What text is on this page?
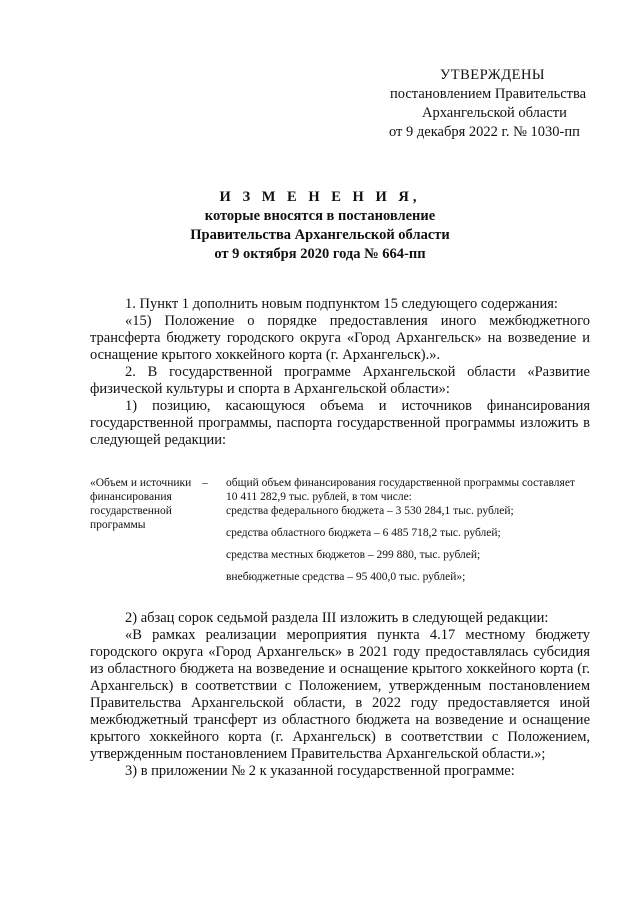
УТВЕРЖДЕНЫ
постановлением Правительства
Архангельской области
от 9 декабря 2022 г. № 1030-пп
И З М Е Н Е Н И Я,
которые вносятся в постановление
Правительства Архангельской области
от 9 октября 2020 года № 664-пп
1. Пункт 1 дополнить новым подпунктом 15 следующего содержания:
«15) Положение о порядке предоставления иного межбюджетного трансферта бюджету городского округа «Город Архангельск» на возведение и оснащение крытого хоккейного корта (г. Архангельск).».
2. В государственной программе Архангельской области «Развитие физической культуры и спорта в Архангельской области»:
1) позицию, касающуюся объема и источников финансирования государственной программы, паспорта государственной программы изложить в следующей редакции:
«Объем и источники финансирования государственной программы
– общий объем финансирования государственной программы составляет 10 411 282,9 тыс. рублей, в том числе:
средства федерального бюджета – 3 530 284,1 тыс. рублей;
средства областного бюджета – 6 485 718,2 тыс. рублей;
средства местных бюджетов – 299 880, тыс. рублей;
внебюджетные средства – 95 400,0 тыс. рублей»;
2) абзац сорок седьмой раздела III изложить в следующей редакции:
«В рамках реализации мероприятия пункта 4.17 местному бюджету городского округа «Город Архангельск» в 2021 году предоставлялась субсидия из областного бюджета на возведение и оснащение крытого хоккейного корта (г. Архангельск) в соответствии с Положением, утвержденным постановлением Правительства Архангельской области, в 2022 году предоставляется иной межбюджетный трансферт из областного бюджета на возведение и оснащение крытого хоккейного корта (г. Архангельск) в соответствии с Положением, утвержденным постановлением Правительства Архангельской области.»;
3) в приложении № 2 к указанной государственной программе:
